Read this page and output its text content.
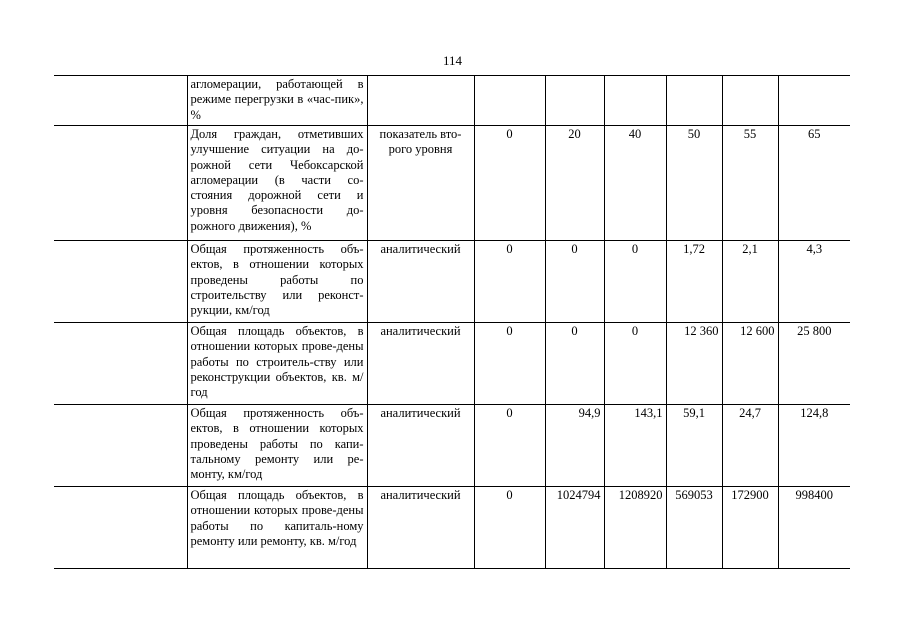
114
	агломерации, работающей в режиме перегрузки в «час-пик», %							
	Доля граждан, отметивших улучшение ситуации на до-рожной сети Чебоксарской агломерации (в части со-стояния дорожной сети и уровня безопасности до-рожного движения), %	показатель вто-рого уровня	0	20	40	50	55	65
	Общая протяженность объ-ектов, в отношении которых проведены работы по строительству или реконст-рукции, км/год	аналитический	0	0	0	1,72	2,1	4,3
	Общая площадь объектов, в отношении которых прове-дены работы по строитель-ству или реконструкции объектов, кв. м/год	аналитический	0	0	0	12 360	12 600	25 800
	Общая протяженность объ-ектов, в отношении которых проведены работы по капи-тальному ремонту или ре-монту, км/год	аналитический	0	94,9	143,1	59,1	24,7	124,8
	Общая площадь объектов, в отношении которых прове-дены работы по капиталь-ному ремонту или ремонту, кв. м/год	аналитический	0	1024794	1208920	569053	172900	998400
